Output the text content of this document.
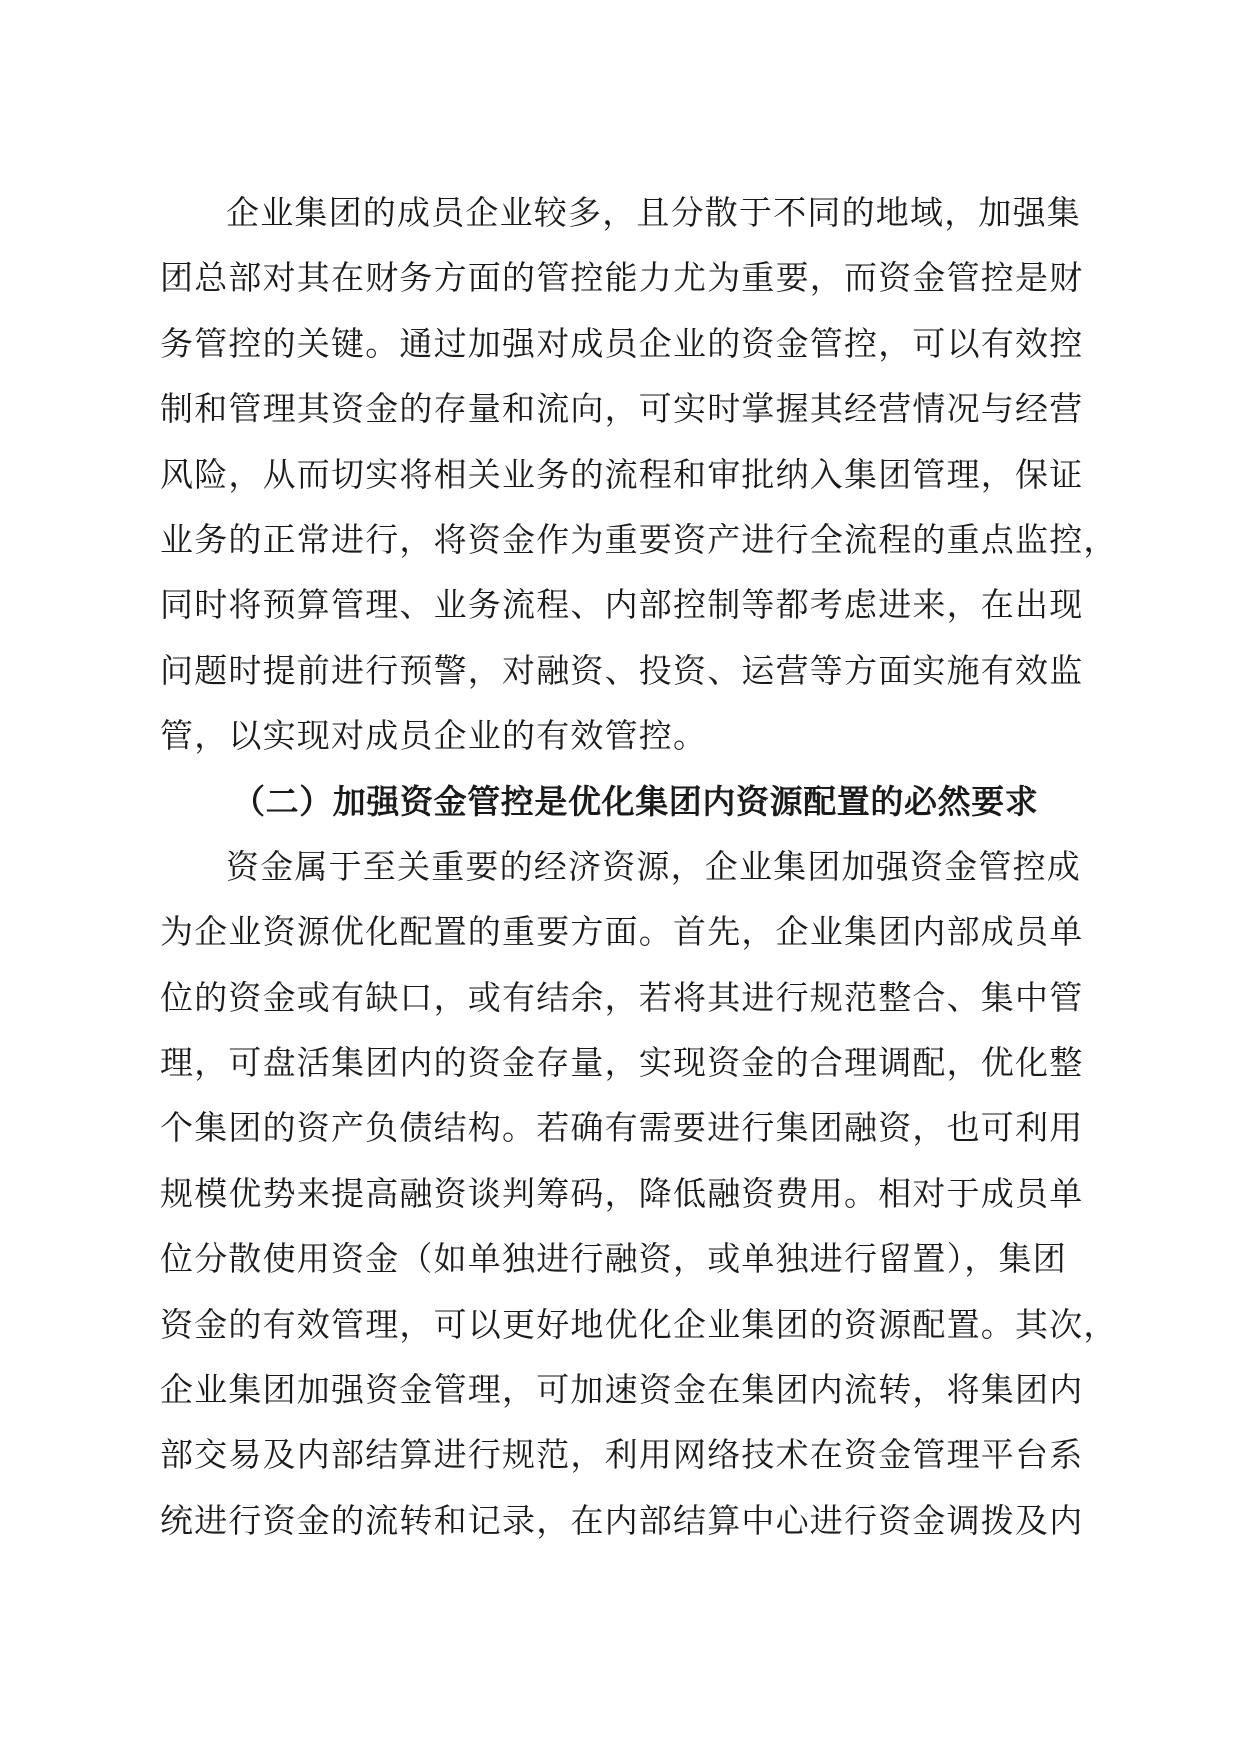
企业集团的成员企业较多，且分散于不同的地域，加强集
团总部对其在财务方面的管控能力尤为重要，而资金管控是财
务管控的关键。通过加强对成员企业的资金管控，可以有效控
制和管理其资金的存量和流向，可实时掌握其经营情况与经营
风险，从而切实将相关业务的流程和审批纳入集团管理，保证
业务的正常进行，将资金作为重要资产进行全流程的重点监控，
同时将预算管理、业务流程、内部控制等都考虑进来，在出现
问题时提前进行预警，对融资、投资、运营等方面实施有效监
管，以实现对成员企业的有效管控。
（二）加强资金管控是优化集团内资源配置的必然要求
资金属于至关重要的经济资源，企业集团加强资金管控成
为企业资源优化配置的重要方面。首先，企业集团内部成员单
位的资金或有缺口，或有结余，若将其进行规范整合、集中管
理，可盘活集团内的资金存量，实现资金的合理调配，优化整
个集团的资产负债结构。若确有需要进行集团融资，也可利用
规模优势来提高融资谈判筹码，降低融资费用。相对于成员单
位分散使用资金（如单独进行融资，或单独进行留置），集团
资金的有效管理，可以更好地优化企业集团的资源配置。其次，
企业集团加强资金管理，可加速资金在集团内流转，将集团内
部交易及内部结算进行规范，利用网络技术在资金管理平台系
统进行资金的流转和记录，在内部结算中心进行资金调拨及内
